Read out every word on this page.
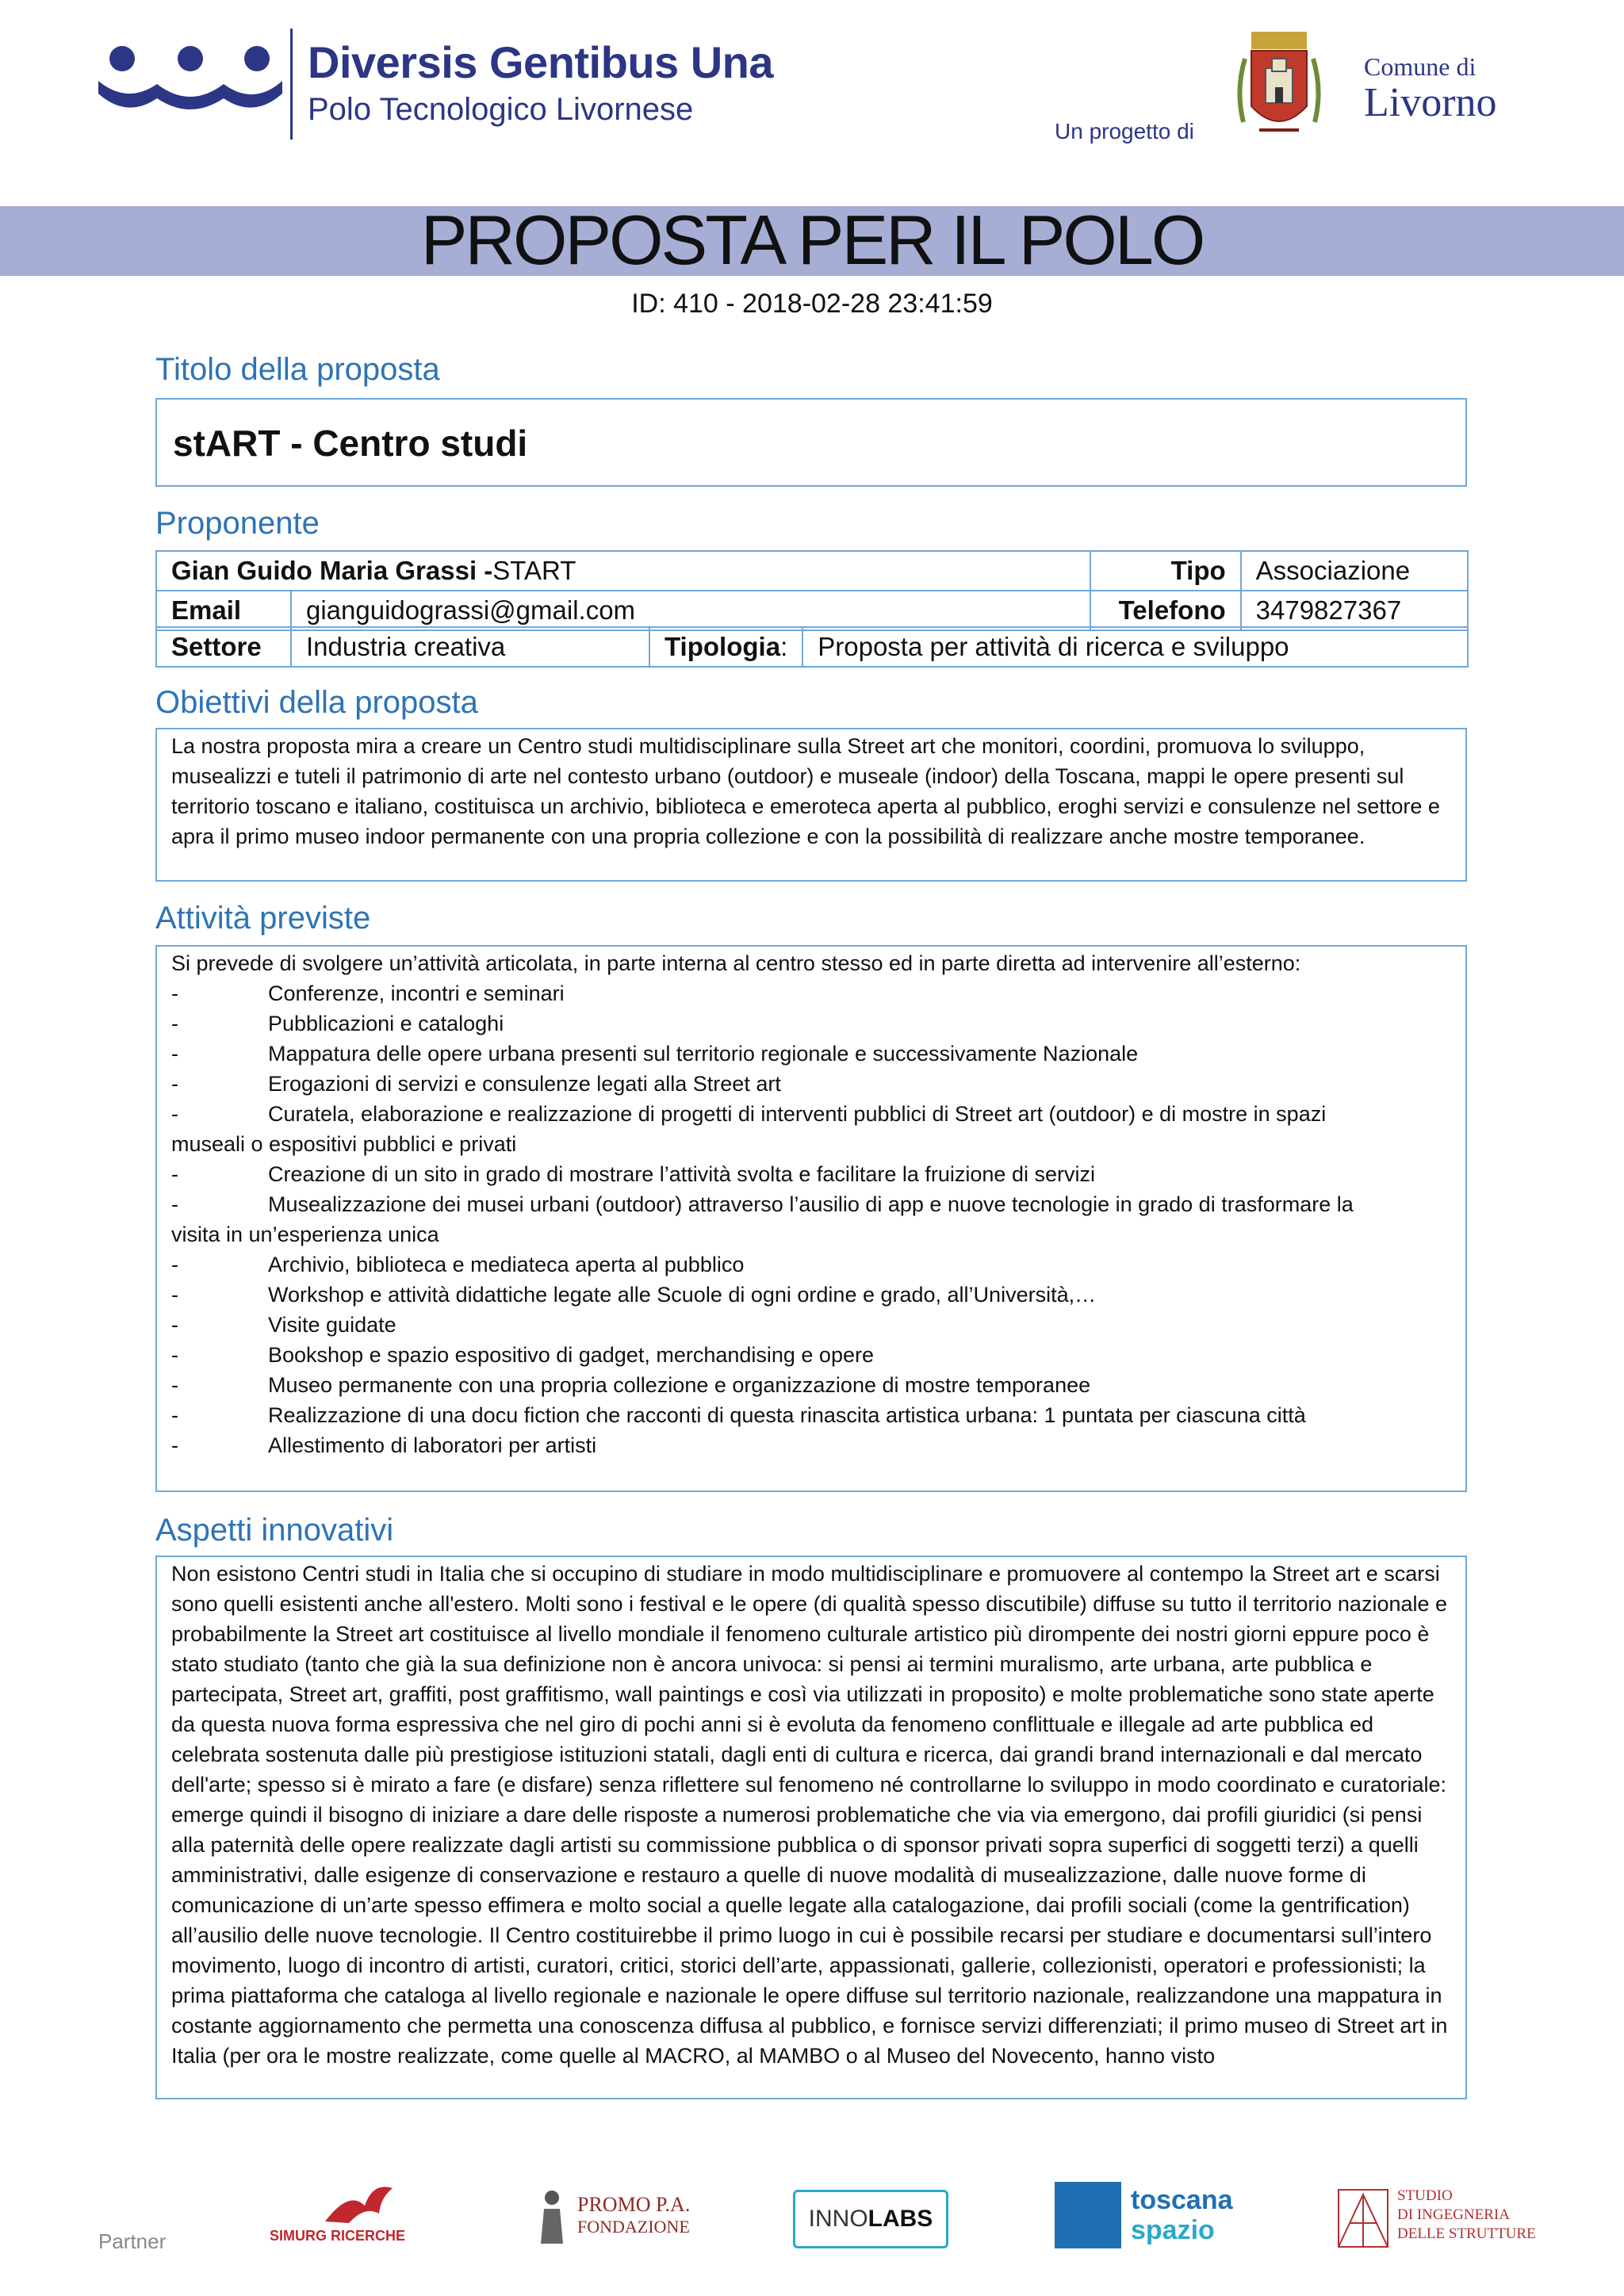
Diversis Gentibus Una
Polo Tecnologico Livornese
Un progetto di
Comune di
Livorno
PROPOSTA PER IL POLO
ID: 410 - 2018-02-28 23:41:59
Titolo della proposta
stART - Centro studi
Proponente
Gian Guido Maria Grassi -START		Tipo	Associazione
Email	gianguidograssi@gmail.com	Telefono	3479827367
Settore	Industria creativa	Tipologia:	Proposta per attività di ricerca e sviluppo
Obiettivi della proposta
La nostra proposta mira a creare un Centro studi multidisciplinare sulla Street art che monitori, coordini, promuova lo sviluppo, musealizzi e tuteli il patrimonio di arte nel contesto urbano (outdoor) e museale (indoor) della Toscana, mappi le opere presenti sul territorio toscano e italiano, costituisca un archivio, biblioteca e emeroteca aperta al pubblico, eroghi servizi e consulenze nel settore e apra il primo museo indoor permanente con una propria collezione e con la possibilità di realizzare anche mostre temporanee.
Attività previste
Si prevede di svolgere un’attività articolata, in parte interna al centro stesso ed in parte diretta ad intervenire all’esterno:
-	Conferenze, incontri e seminari
-	Pubblicazioni e cataloghi
-	Mappatura delle opere urbana presenti sul territorio regionale e successivamente Nazionale
-	Erogazioni di servizi e consulenze legati alla Street art
-	Curatela, elaborazione e realizzazione di progetti di interventi pubblici di Street art (outdoor) e di mostre in spazi
museali o espositivi pubblici e privati
-	Creazione di un sito in grado di mostrare l’attività svolta e facilitare la fruizione di servizi
-	Musealizzazione dei musei urbani (outdoor) attraverso l’ausilio di app e nuove tecnologie in grado di trasformare la
visita in un’esperienza unica
-	Archivio, biblioteca e mediateca aperta al pubblico
-	Workshop e attività didattiche legate alle Scuole di ogni ordine e grado, all’Università,…
-	Visite guidate
-	Bookshop e spazio espositivo di gadget, merchandising e opere
-	Museo permanente con una propria collezione e organizzazione di mostre temporanee
-	Realizzazione di una docu fiction che racconti di questa rinascita artistica urbana: 1 puntata per ciascuna città
-	Allestimento di laboratori per artisti
Aspetti innovativi
Non esistono Centri studi in Italia che si occupino di studiare in modo multidisciplinare e promuovere al contempo la Street art e scarsi sono quelli esistenti anche all'estero. Molti sono i festival e le opere (di qualità spesso discutibile) diffuse su tutto il territorio nazionale e probabilmente la Street art costituisce al livello mondiale il fenomeno culturale artistico più dirompente dei nostri giorni eppure poco è stato studiato (tanto che già la sua definizione non è ancora univoca: si pensi ai termini muralismo, arte urbana, arte pubblica e partecipata, Street art, graffiti, post graffitismo, wall paintings e così via utilizzati in proposito) e molte problematiche sono state aperte da questa nuova forma espressiva che nel giro di pochi anni si è evoluta da fenomeno conflittuale e illegale ad arte pubblica ed celebrata sostenuta dalle più prestigiose istituzioni statali, dagli enti di cultura e ricerca, dai grandi brand internazionali e dal mercato dell'arte; spesso si è mirato a fare (e disfare) senza riflettere sul fenomeno né controllarne lo sviluppo in modo coordinato e curatoriale: emerge quindi il bisogno di iniziare a dare delle risposte a numerosi problematiche che via via emergono, dai profili giuridici (si pensi alla paternità delle opere realizzate dagli artisti su commissione pubblica o di sponsor privati sopra superfici di soggetti terzi) a quelli amministrativi, dalle esigenze di conservazione e restauro a quelle di nuove modalità di musealizzazione, dalle nuove forme di comunicazione di un’arte spesso effimera e molto social a quelle legate alla catalogazione, dai profili sociali (come la gentrification) all’ausilio delle nuove tecnologie. Il Centro costituirebbe il primo luogo in cui è possibile recarsi per studiare e documentarsi sull’intero movimento, luogo di incontro di artisti, curatori, critici, storici dell’arte, appassionati, gallerie, collezionisti, operatori e professionisti; la prima piattaforma che cataloga al livello regionale e nazionale le opere diffuse sul territorio nazionale, realizzandone una mappatura in costante aggiornamento che permetta una conoscenza diffusa al pubblico, e fornisce servizi differenziati; il primo museo di Street art in Italia (per ora le mostre realizzate, come quelle al MACRO, al MAMBO o al Museo del Novecento, hanno visto
Partner	SIMURG RICERCHE
PROMO P.A.
FONDAZIONE	INNO LABS
toscana
spazio
STUDIO
DI INGEGNERIA
DELLE STRUTTURE
